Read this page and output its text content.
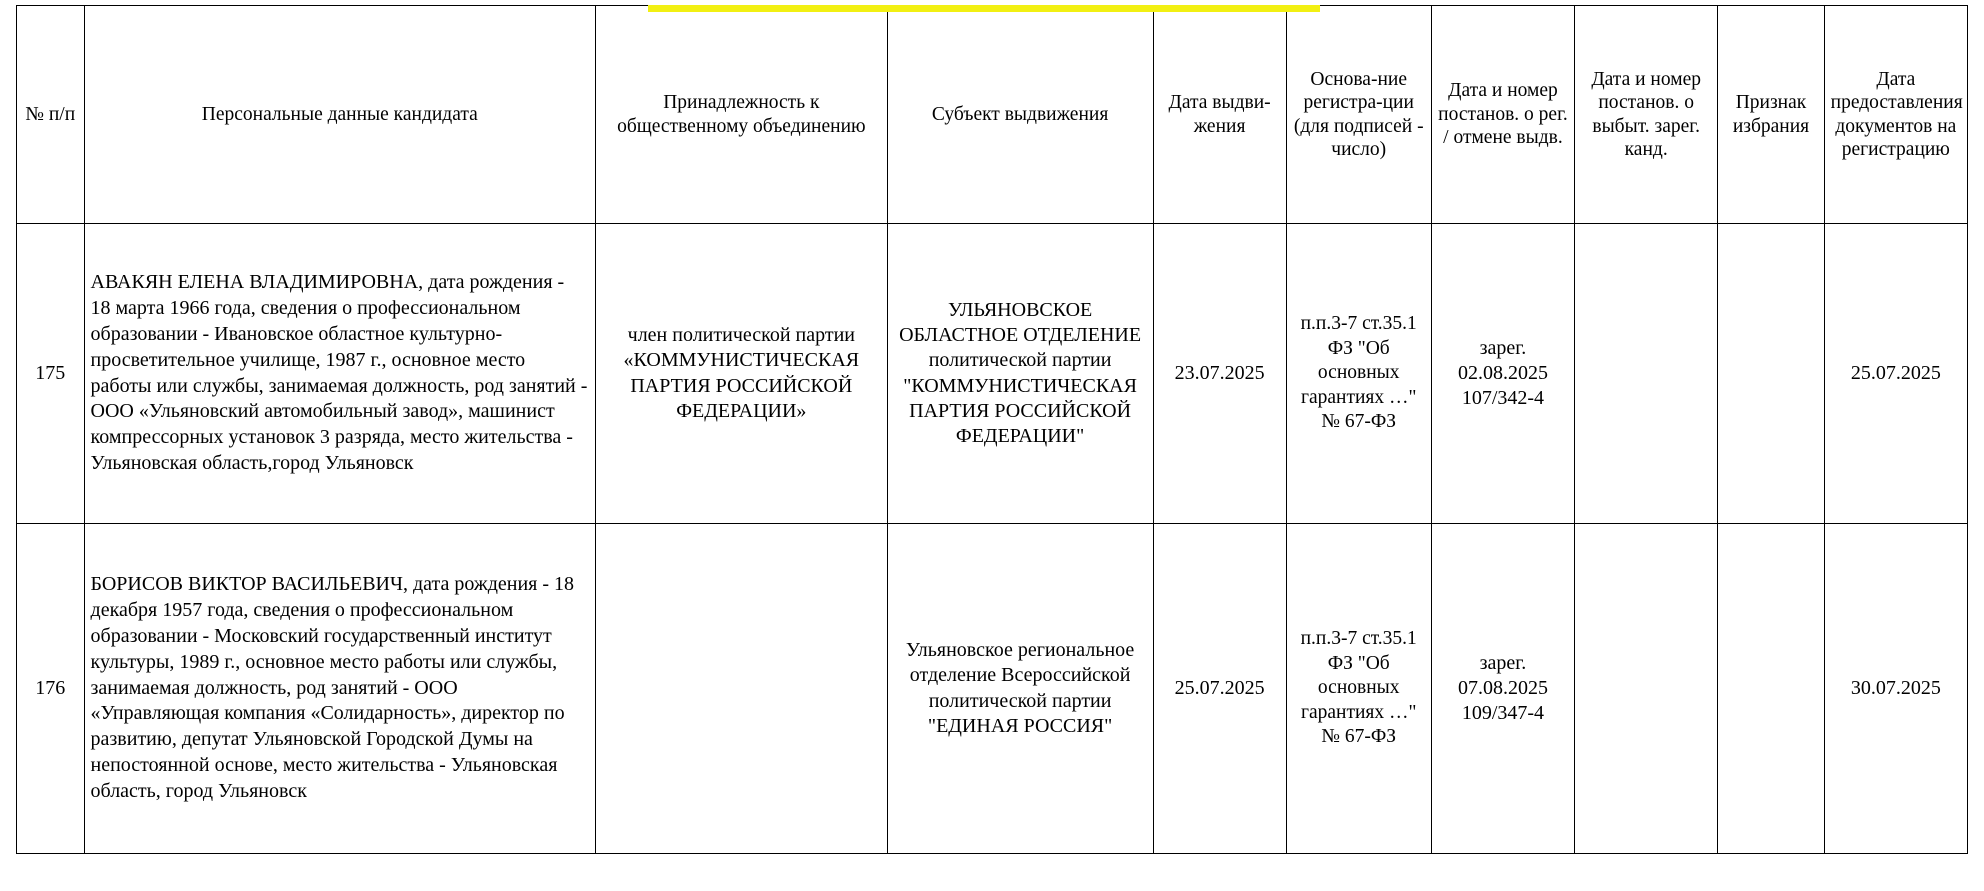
№ п/п	Персональные данные кандидата	Принадлежность к общественному объединению	Субъект выдвижения	Дата выдви-жения	Основа-ние регистра-ции (для подписей - число)	Дата и номер постанов. о рег. / отмене выдв.	Дата и номер постанов. о выбыт. зарег. канд.	Признак избрания	Дата предоставления документов на регистрацию
175	АВАКЯН ЕЛЕНА ВЛАДИМИРОВНА, дата рождения - 18 марта 1966 года, сведения о профессиональном образовании - Ивановское областное культурно-просветительное училище, 1987 г., основное место работы или службы, занимаемая должность, род занятий - ООО «Ульяновский автомобильный завод», машинист компрессорных установок 3 разряда, место жительства - Ульяновская область,город Ульяновск	член политической партии «КОММУНИСТИЧЕСКАЯ ПАРТИЯ РОССИЙСКОЙ ФЕДЕРАЦИИ»	УЛЬЯНОВСКОЕ ОБЛАСТНОЕ ОТДЕЛЕНИЕ политической партии "КОММУНИСТИЧЕСКАЯ ПАРТИЯ РОССИЙСКОЙ ФЕДЕРАЦИИ"	23.07.2025	п.п.3-7 ст.35.1 ФЗ "Об основных гарантиях …" № 67-ФЗ	зарег. 02.08.2025 107/342-4			25.07.2025
176	БОРИСОВ ВИКТОР ВАСИЛЬЕВИЧ, дата рождения - 18 декабря 1957 года, сведения о профессиональном образовании - Московский государственный институт культуры, 1989 г., основное место работы или службы, занимаемая должность, род занятий - ООО «Управляющая компания «Солидарность», директор по развитию, депутат Ульяновской Городской Думы на непостоянной основе, место жительства - Ульяновская область, город Ульяновск		Ульяновское региональное отделение Всероссийской политической партии "ЕДИНАЯ РОССИЯ"	25.07.2025	п.п.3-7 ст.35.1 ФЗ "Об основных гарантиях …" № 67-ФЗ	зарег. 07.08.2025 109/347-4			30.07.2025
